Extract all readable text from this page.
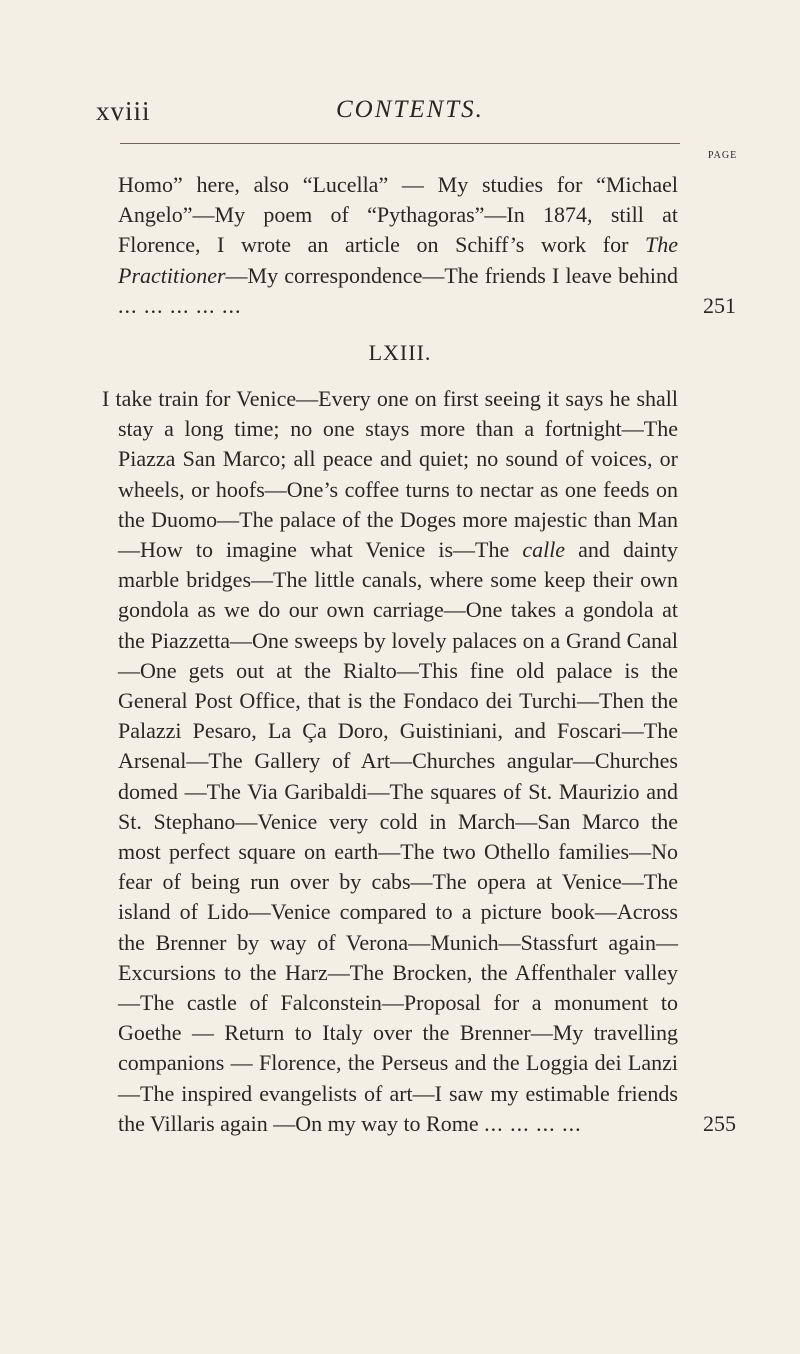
xviii	CONTENTS.
PAGE

Homo” here, also “Lucella” — My studies for “Michael Angelo”—My poem of “Pythagoras”—In 1874, still at Florence, I wrote an article on Schiff’s work for The Practitioner—My correspondence—The friends I leave behind ... ... ... ... ...	251
LXIII.

I take train for Venice—Every one on first seeing it says he shall stay a long time; no one stays more than a fortnight—The Piazza San Marco; all peace and quiet; no sound of voices, or wheels, or hoofs—One’s coffee turns to nectar as one feeds on the Duomo—The palace of the Doges more majestic than Man—How to imagine what Venice is—The calle and dainty marble bridges—The little canals, where some keep their own gondola as we do our own carriage—One takes a gondola at the Piazzetta—One sweeps by lovely palaces on a Grand Canal—One gets out at the Rialto—This fine old palace is the General Post Office, that is the Fondaco dei Turchi—Then the Palazzi Pesaro, La Ça Doro, Guistiniani, and Foscari—The Arsenal—The Gallery of Art—Churches angular—Churches domed —The Via Garibaldi—The squares of St. Maurizio and St. Stephano—Venice very cold in March—San Marco the most perfect square on earth—The two Othello families—No fear of being run over by cabs—The opera at Venice—The island of Lido—Venice compared to a picture book—Across the Brenner by way of Verona—Munich—Stassfurt again—Excursions to the Harz—The Brocken, the Affenthaler valley—The castle of Falconstein—Proposal for a monument to Goethe — Return to Italy over the Brenner—My travelling companions — Florence, the Perseus and the Loggia dei Lanzi—The inspired evangelists of art—I saw my estimable friends the Villaris again —On my way to Rome ... ... ... ...	255
